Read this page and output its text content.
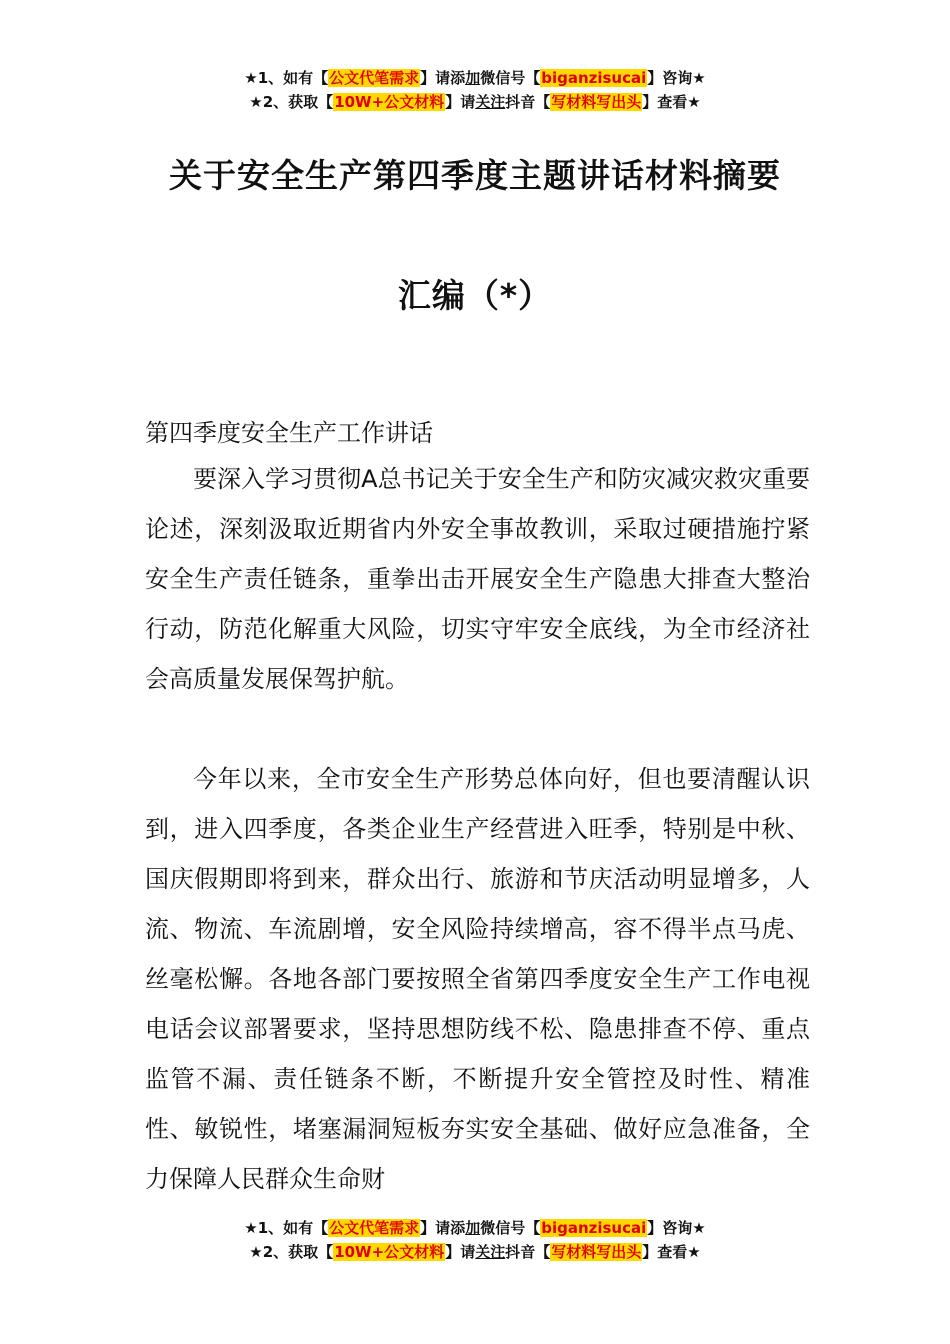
★1、如有【公文代笔需求】请添加微信号【biganzisucai】咨询★
★2、获取【10W+公文材料】请关注抖音【写材料写出头】查看★
关于安全生产第四季度主题讲话材料摘要
汇编（*）

第四季度安全生产工作讲话

要深入学习贯彻A总书记关于安全生产和防灾减灾救灾重要论述，深刻汲取近期省内外安全事故教训，采取过硬措施拧紧安全生产责任链条，重拳出击开展安全生产隐患大排查大整治行动，防范化解重大风险，切实守牢安全底线，为全市经济社会高质量发展保驾护航。

今年以来，全市安全生产形势总体向好，但也要清醒认识到，进入四季度，各类企业生产经营进入旺季，特别是中秋、国庆假期即将到来，群众出行、旅游和节庆活动明显增多，人流、物流、车流剧增，安全风险持续增高，容不得半点马虎、丝毫松懈。各地各部门要按照全省第四季度安全生产工作电视电话会议部署要求，坚持思想防线不松、隐患排查不停、重点监管不漏、责任链条不断，不断提升安全管控及时性、精准性、敏锐性，堵塞漏洞短板夯实安全基础、做好应急准备，全力保障人民群众生命财

★1、如有【公文代笔需求】请添加微信号【biganzisucai】咨询★
★2、获取【10W+公文材料】请关注抖音【写材料写出头】查看★
